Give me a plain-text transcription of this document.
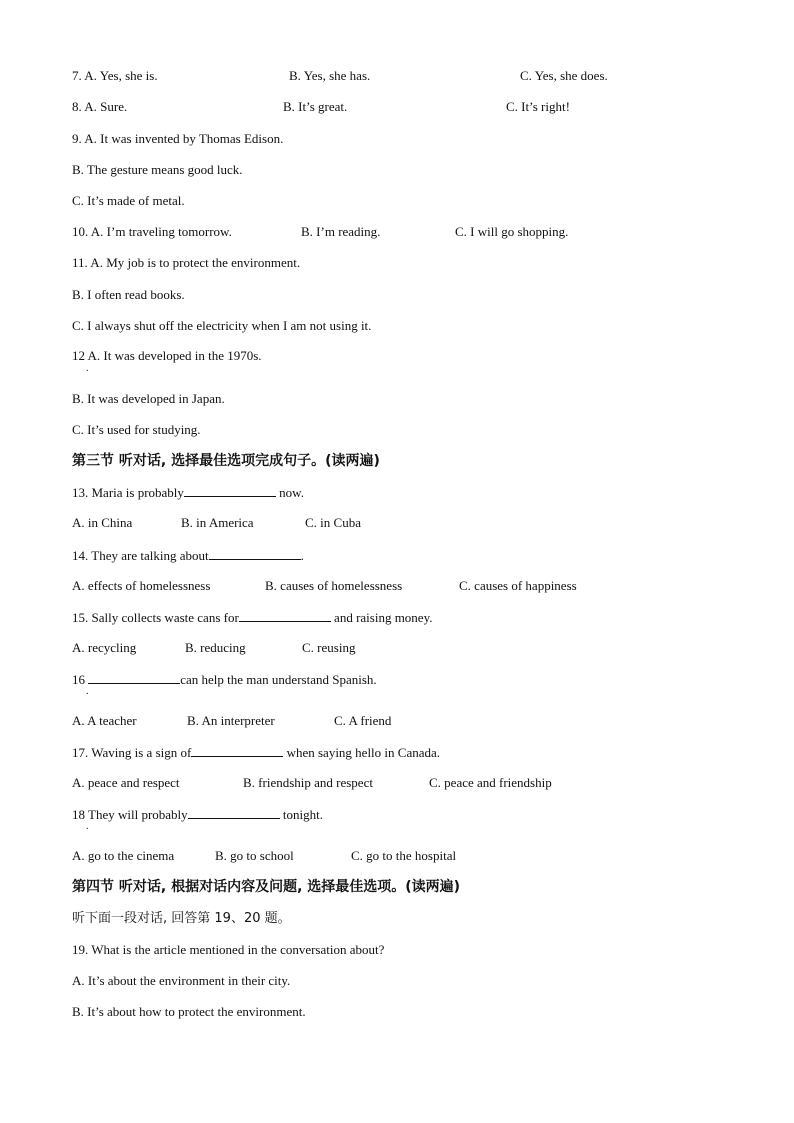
7. A. Yes, she is.	B. Yes, she has.	C. Yes, she does.
8. A. Sure.	B. It’s great.	C. It’s right!
9. A. It was invented by Thomas Edison.
B. The gesture means good luck.
C. It’s made of metal.
10. A. I’m traveling tomorrow.	B. I’m reading.	C. I will go shopping.
11. A. My job is to protect the environment.
B. I often read books.
C. I always shut off the electricity when I am not using it.
12 A. It was developed in the 1970s.
.
B. It was developed in Japan.
C. It’s used for studying.
第三节 听对话, 选择最佳选项完成句子。(读两遍)
13. Maria is probably	now.
A. in China	B. in America	C. in Cuba
14. They are talking about	.
A. effects of homelessness	B. causes of homelessness	C. causes of happiness
15. Sally collects waste cans for	and raising money.
A. recycling	B. reducing	C. reusing
16	can help the man understand Spanish.
.
A. A teacher	B. An interpreter	C. A friend
17. Waving is a sign of	when saying hello in Canada.
A. peace and respect	B. friendship and respect	C. peace and friendship
18 They will probably	tonight.
.
A. go to the cinema	B. go to school	C. go to the hospital
第四节 听对话, 根据对话内容及问题, 选择最佳选项。(读两遍)
听下面一段对话, 回答第 19、20 题。
19. What is the article mentioned in the conversation about?
A. It’s about the environment in their city.
B. It’s about how to protect the environment.
